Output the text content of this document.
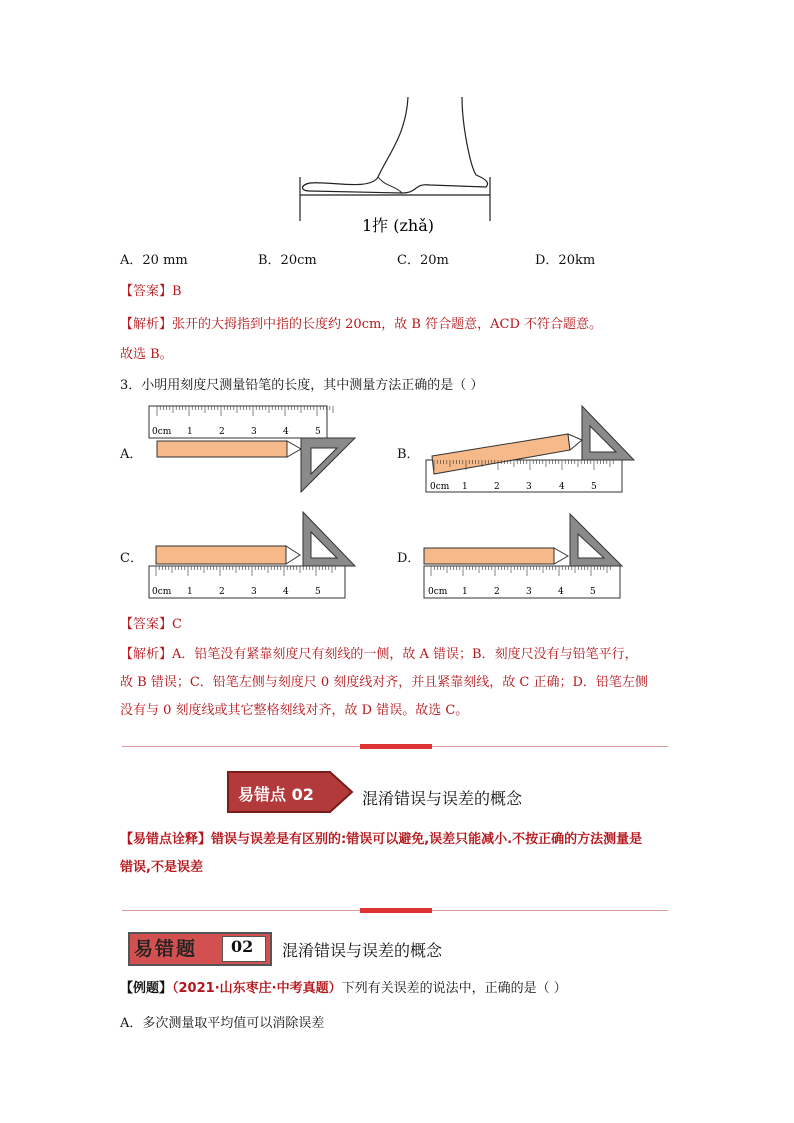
1拃 (zhǎ)
A．20 mm	B．20cm	C．20m	D．20km
【答案】B
【解析】张开的大拇指到中指的长度约 20cm，故 B 符合题意，ACD 不符合题意。
故选 B。
3．小明用刻度尺测量铅笔的长度，其中测量方法正确的是（ ）
A．	B．
C．	D．
0cm 1	2	3	4	5
0cm 1	2	3	4	5
0cm 1	2	3	4	5	0cm 1	2	3	4	5
【答案】C
【解析】A．铅笔没有紧靠刻度尺有刻线的一侧，故 A 错误；B．刻度尺没有与铅笔平行，
故 B 错误；C．铅笔左侧与刻度尺 0 刻度线对齐，并且紧靠刻线，故 C 正确；D．铅笔左侧
没有与 0 刻度线或其它整格刻线对齐，故 D 错误。故选 C。
易错点 02	混淆错误与误差的概念
【易错点诠释】错误与误差是有区别的:错误可以避免,误差只能减小.不按正确的方法测量是
错误,不是误差
易错题 02 混淆错误与误差的概念
【例题】（2021·山东枣庄·中考真题）下列有关误差的说法中，正确的是（ ）
A．多次测量取平均值可以消除误差
